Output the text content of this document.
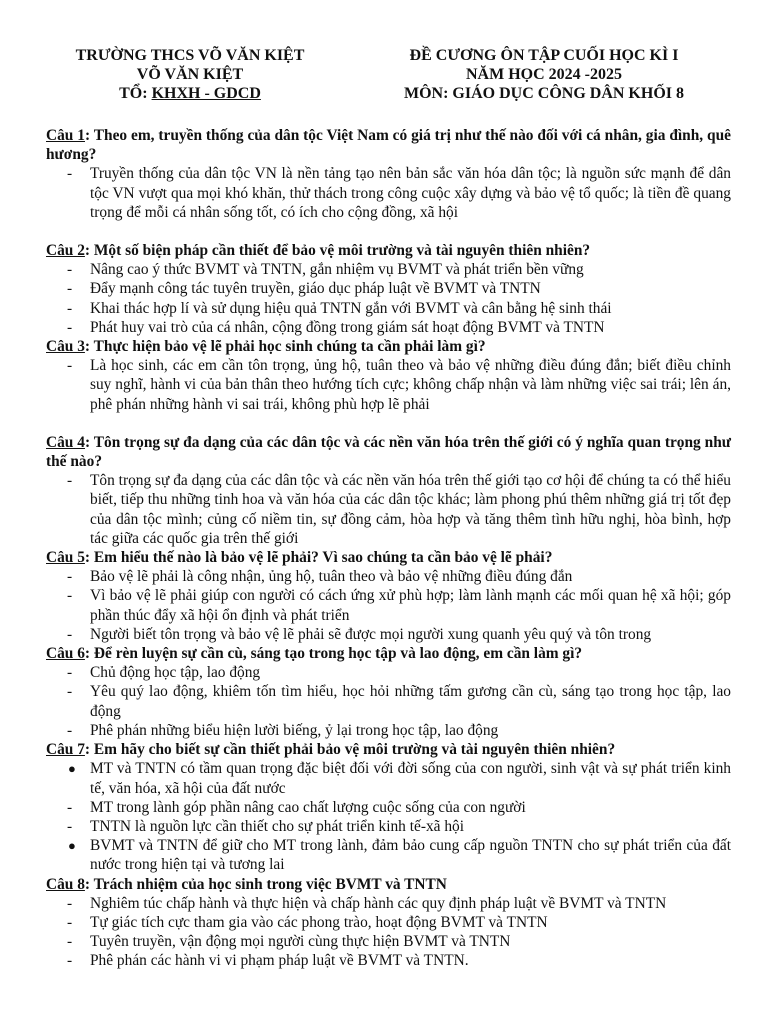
TRƯỜNG THCS VÕ VĂN KIỆT
VÕ VĂN KIỆT
TỔ: KHXH - GDCD
ĐỀ CƯƠNG ÔN TẬP CUỐI HỌC KÌ I
NĂM HỌC 2024 -2025
MÔN: GIÁO DỤC CÔNG DÂN KHỐI 8
Câu 1: Theo em, truyền thống của dân tộc Việt Nam có giá trị như thế nào đối với cá nhân, gia đình, quê hương?
-	Truyền thống của dân tộc VN là nền tảng tạo nên bản sắc văn hóa dân tộc; là nguồn sức mạnh để dân tộc VN vượt qua mọi khó khăn, thử thách trong công cuộc xây dựng và bảo vệ tổ quốc; là tiền đề quang trọng để mỗi cá nhân sống tốt, có ích cho cộng đồng, xã hội
Câu 2: Một số biện pháp cần thiết để bảo vệ môi trường và tài nguyên thiên nhiên?
-	Nâng cao ý thức BVMT và TNTN, gắn nhiệm vụ BVMT và phát triển bền vững
-	Đẩy mạnh công tác tuyên truyền, giáo dục pháp luật về BVMT và TNTN
-	Khai thác hợp lí và sử dụng hiệu quả TNTN gắn với BVMT và cân bằng hệ sinh thái
-	Phát huy vai trò của cá nhân, cộng đồng trong giám sát hoạt động BVMT và TNTN
Câu 3: Thực hiện bảo vệ lẽ phải học sinh chúng ta cần phải làm gì?
-	Là học sinh, các em cần tôn trọng, ủng hộ, tuân theo và bảo vệ những điều đúng đắn; biết điều chỉnh suy nghĩ, hành vi của bản thân theo hướng tích cực; không chấp nhận và làm những việc sai trái; lên án, phê phán những hành vi sai trái, không phù hợp lẽ phải
Câu 4: Tôn trọng sự đa dạng của các dân tộc và các nền văn hóa trên thế giới có ý nghĩa quan trọng như thế nào?
-	Tôn trọng sự đa dạng của các dân tộc và các nền văn hóa trên thế giới tạo cơ hội để chúng ta có thể hiểu biết, tiếp thu những tinh hoa và văn hóa của các dân tộc khác; làm phong phú thêm những giá trị tốt đẹp của dân tộc mình; củng cố niềm tin, sự đồng cảm, hòa hợp và tăng thêm tình hữu nghị, hòa bình, hợp tác giữa các quốc gia trên thế giới
Câu 5: Em hiểu thế nào là bảo vệ lẽ phải? Vì sao chúng ta cần bảo vệ lẽ phải?
-	Bảo vệ lẽ phải là công nhận, ủng hộ, tuân theo và bảo vệ những điều đúng đắn
-	Vì bảo vệ lẽ phải giúp con người có cách ứng xử phù hợp; làm lành mạnh các mối quan hệ xã hội; góp phần thúc đẩy xã hội ổn định và phát triển
-	Người biết tôn trọng và bảo vệ lẽ phải sẽ được mọi người xung quanh yêu quý và tôn trong
Câu 6: Để rèn luyện sự cần cù, sáng tạo trong học tập và lao động, em cần làm gì?
-	Chủ động học tập, lao động
-	Yêu quý lao động, khiêm tốn tìm hiểu, học hỏi những tấm gương cần cù, sáng tạo trong học tập, lao động
-	Phê phán những biểu hiện lười biếng, ỷ lại trong học tập, lao động
Câu 7: Em hãy cho biết sự cần thiết phải bảo vệ môi trường và tài nguyên thiên nhiên?
● MT và TNTN có tầm quan trọng đặc biệt đối với đời sống của con người, sinh vật và sự phát triển kinh tế, văn hóa, xã hội của đất nước
-	MT trong lành góp phần nâng cao chất lượng cuộc sống của con người
-	TNTN là nguồn lực cần thiết cho sự phát triển kinh tế-xã hội
● BVMT và TNTN để giữ cho MT trong lành, đảm bảo cung cấp nguồn TNTN cho sự phát triển của đất nước trong hiện tại và tương lai
Câu 8: Trách nhiệm của học sinh trong việc BVMT và TNTN
-	Nghiêm túc chấp hành và thực hiện và chấp hành các quy định pháp luật về BVMT và TNTN
-	Tự giác tích cực tham gia vào các phong trào, hoạt động BVMT và TNTN
-	Tuyên truyền, vận động mọi người cùng thực hiện BVMT và TNTN
-	Phê phán các hành vi vi phạm pháp luật về BVMT và TNTN.
